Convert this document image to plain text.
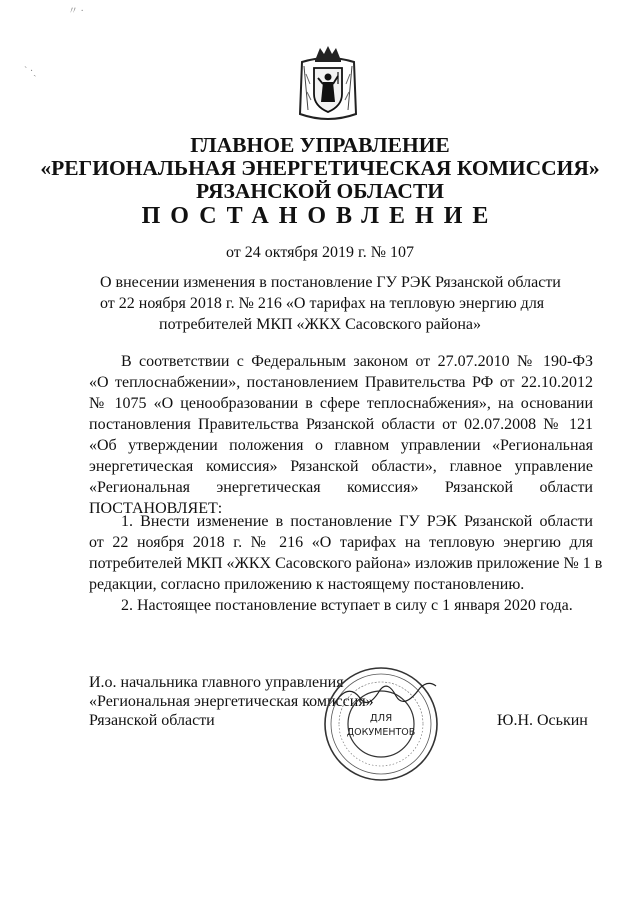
〃 ·
` ·ˎ
ГЛАВНОЕ УПРАВЛЕНИЕ
«РЕГИОНАЛЬНАЯ ЭНЕРГЕТИЧЕСКАЯ КОМИССИЯ»
РЯЗАНСКОЙ ОБЛАСТИ
ПОСТАНОВЛЕНИЕ
от 24 октября 2019 г. № 107
О внесении изменения в постановление ГУ РЭК Рязанской области
от 22 ноября 2018 г. № 216 «О тарифах на тепловую энергию для
потребителей МКП «ЖКХ Сасовского района»
В соответствии с Федеральным законом от 27.07.2010 № 190-ФЗ
«О теплоснабжении», постановлением Правительства РФ от 22.10.2012
№ 1075 «О ценообразовании в сфере теплоснабжения», на основании
постановления Правительства Рязанской области от 02.07.2008 № 121
«Об утверждении положения о главном управлении «Региональная
энергетическая комиссия» Рязанской области», главное управление
«Региональная энергетическая комиссия» Рязанской области
ПОСТАНОВЛЯЕТ:
1. Внести изменение в постановление ГУ РЭК Рязанской области
от 22 ноября 2018 г. № 216 «О тарифах на тепловую энергию для
потребителей МКП «ЖКХ Сасовского района» изложив приложение № 1 в
редакции, согласно приложению к настоящему постановлению.
2. Настоящее постановление вступает в силу с 1 января 2020 года.
И.о. начальника главного управления
«Региональная энергетическая комиссия»
Рязанской области	Ю.Н. Оськин
ДЛЯ
ДОКУМЕНТОВ
